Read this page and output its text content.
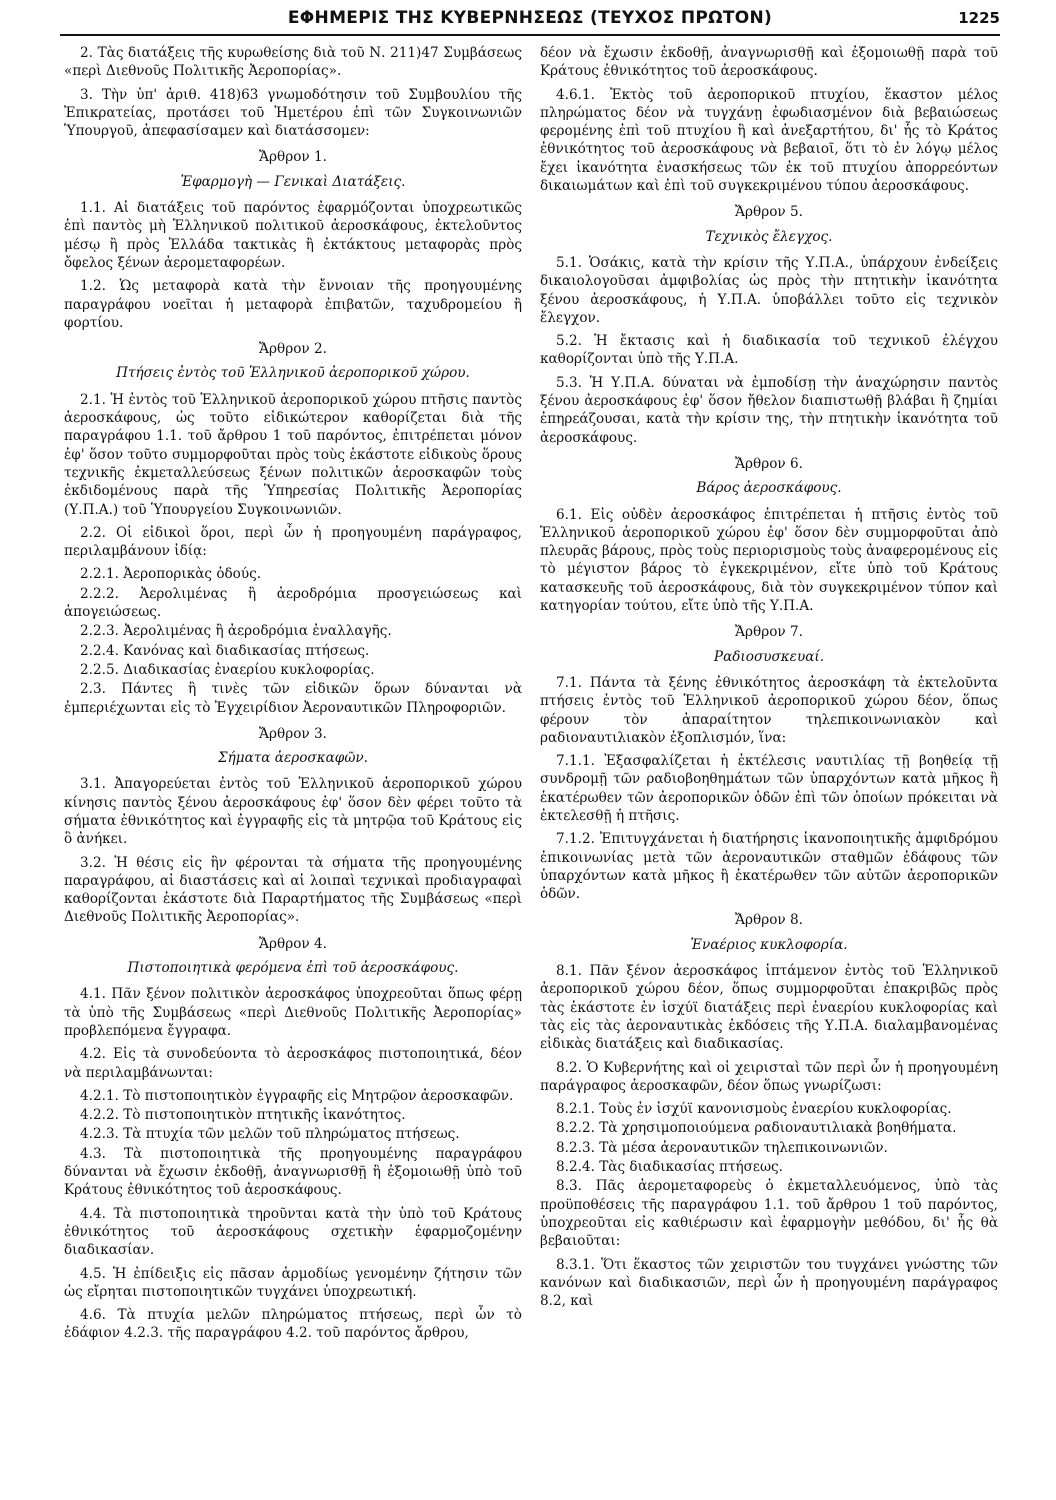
ΕΦΗΜΕΡΙΣ ΤΗΣ ΚΥΒΕΡΝΗΣΕΩΣ (ΤΕΥΧΟΣ ΠΡΩΤΟΝ)	1225

2. Τὰς διατάξεις τῆς κυρωθείσης διὰ τοῦ Ν. 211)47 Συμβάσεως «περὶ Διεθνοῦς Πολιτικῆς Ἀεροπορίας».

3. Τὴν ὑπ' ἀριθ. 418)63 γνωμοδότησιν τοῦ Συμβουλίου τῆς Ἐπικρατείας, προτάσει τοῦ Ἡμετέρου ἐπὶ τῶν Συγκοινωνιῶν Ὑπουργοῦ, ἀπεφασίσαμεν καὶ διατάσσομεν:

Ἄρθρον 1.
Ἐφαρμογὴ — Γενικαὶ Διατάξεις.

1.1. Αἱ διατάξεις τοῦ παρόντος ἐφαρμόζονται ὑποχρεωτικῶς ἐπὶ παντὸς μὴ Ἑλληνικοῦ πολιτικοῦ ἀεροσκάφους, ἐκτελοῦντος μέσῳ ἢ πρὸς Ἑλλάδα τακτικὰς ἢ ἐκτάκτους μεταφορὰς πρὸς ὄφελος ξένων ἀερομεταφορέων.

1.2. Ὡς μεταφορὰ κατὰ τὴν ἔννοιαν τῆς προηγουμένης παραγράφου νοεῖται ἡ μεταφορὰ ἐπιβατῶν, ταχυδρομείου ἢ φορτίου.

Ἄρθρον 2.
Πτήσεις ἐντὸς τοῦ Ἑλληνικοῦ ἀεροπορικοῦ χώρου.

2.1. Ἡ ἐντὸς τοῦ Ἑλληνικοῦ ἀεροπορικοῦ χώρου πτῆσις παντὸς ἀεροσκάφους, ὡς τοῦτο εἰδικώτερον καθορίζεται διὰ τῆς παραγράφου 1.1. τοῦ ἄρθρου 1 τοῦ παρόντος, ἐπιτρέπεται μόνον ἐφ' ὅσον τοῦτο συμμορφοῦται πρὸς τοὺς ἑκάστοτε εἰδικοὺς ὅρους τεχνικῆς ἐκμεταλλεύσεως ξένων πολιτικῶν ἀεροσκαφῶν τοὺς ἐκδιδομένους παρὰ τῆς Ὑπηρεσίας Πολιτικῆς Ἀεροπορίας (Υ.Π.Α.) τοῦ Ὑπουργείου Συγκοινωνιῶν.

2.2. Οἱ εἰδικοὶ ὅροι, περὶ ὧν ἡ προηγουμένη παράγραφος, περιλαμβάνουν ἰδίᾳ:

2.2.1. Ἀεροπορικὰς ὁδούς.

2.2.2. Ἀερολιμένας ἢ ἀεροδρόμια προσγειώσεως καὶ ἀπογειώσεως.

2.2.3. Ἀερολιμένας ἢ ἀεροδρόμια ἐναλλαγῆς.

2.2.4. Κανόνας καὶ διαδικασίας πτήσεως.

2.2.5. Διαδικασίας ἐναερίου κυκλοφορίας.

2.3. Πάντες ἢ τινὲς τῶν εἰδικῶν ὅρων δύνανται νὰ ἐμπεριέχωνται εἰς τὸ Ἐγχειρίδιον Ἀεροναυτικῶν Πληροφοριῶν.

Ἄρθρον 3.
Σήματα ἀεροσκαφῶν.

3.1. Ἀπαγορεύεται ἐντὸς τοῦ Ἑλληνικοῦ ἀεροπορικοῦ χώρου κίνησις παντὸς ξένου ἀεροσκάφους ἐφ' ὅσον δὲν φέρει τοῦτο τὰ σήματα ἐθνικότητος καὶ ἐγγραφῆς εἰς τὰ μητρῷα τοῦ Κράτους εἰς ὃ ἀνήκει.

3.2. Ἡ θέσις εἰς ἣν φέρονται τὰ σήματα τῆς προηγουμένης παραγράφου, αἱ διαστάσεις καὶ αἱ λοιπαὶ τεχνικαὶ προδιαγραφαὶ καθορίζονται ἑκάστοτε διὰ Παραρτήματος τῆς Συμβάσεως «περὶ Διεθνοῦς Πολιτικῆς Ἀεροπορίας».

Ἄρθρον 4.
Πιστοποιητικὰ φερόμενα ἐπὶ τοῦ ἀεροσκάφους.

4.1. Πᾶν ξένον πολιτικὸν ἀεροσκάφος ὑποχρεοῦται ὅπως φέρῃ τὰ ὑπὸ τῆς Συμβάσεως «περὶ Διεθνοῦς Πολιτικῆς Ἀεροπορίας» προβλεπόμενα ἔγγραφα.

4.2. Εἰς τὰ συνοδεύοντα τὸ ἀεροσκάφος πιστοποιητικά, δέον νὰ περιλαμβάνωνται:

4.2.1. Τὸ πιστοποιητικὸν ἐγγραφῆς εἰς Μητρῷον ἀεροσκαφῶν.

4.2.2. Τὸ πιστοποιητικὸν πτητικῆς ἱκανότητος.

4.2.3. Τὰ πτυχία τῶν μελῶν τοῦ πληρώματος πτήσεως.

4.3. Τὰ πιστοποιητικὰ τῆς προηγουμένης παραγράφου δύνανται νὰ ἔχωσιν ἐκδοθῇ, ἀναγνωρισθῇ ἢ ἐξομοιωθῇ ὑπὸ τοῦ Κράτους ἐθνικότητος τοῦ ἀεροσκάφους.

4.4. Τὰ πιστοποιητικὰ τηροῦνται κατὰ τὴν ὑπὸ τοῦ Κράτους ἐθνικότητος τοῦ ἀεροσκάφους σχετικὴν ἐφαρμοζομένην διαδικασίαν.

4.5. Ἡ ἐπίδειξις εἰς πᾶσαν ἁρμοδίως γενομένην ζήτησιν τῶν ὡς εἴρηται πιστοποιητικῶν τυγχάνει ὑποχρεωτική.

4.6. Τὰ πτυχία μελῶν πληρώματος πτήσεως, περὶ ὧν τὸ ἐδάφιον 4.2.3. τῆς παραγράφου 4.2. τοῦ παρόντος ἄρθρου,

δέον νὰ ἔχωσιν ἐκδοθῇ, ἀναγνωρισθῇ καὶ ἐξομοιωθῇ παρὰ τοῦ Κράτους ἐθνικότητος τοῦ ἀεροσκάφους.

4.6.1. Ἐκτὸς τοῦ ἀεροπορικοῦ πτυχίου, ἕκαστον μέλος πληρώματος δέον νὰ τυγχάνῃ ἐφωδιασμένον διὰ βεβαιώσεως φερομένης ἐπὶ τοῦ πτυχίου ἢ καὶ ἀνεξαρτήτου, δι' ἧς τὸ Κράτος ἐθνικότητος τοῦ ἀεροσκάφους νὰ βεβαιοῖ, ὅτι τὸ ἐν λόγῳ μέλος ἔχει ἱκανότητα ἐνασκήσεως τῶν ἐκ τοῦ πτυχίου ἀπορρεόντων δικαιωμάτων καὶ ἐπὶ τοῦ συγκεκριμένου τύπου ἀεροσκάφους.

Ἄρθρον 5.
Τεχνικὸς ἔλεγχος.

5.1. Ὁσάκις, κατὰ τὴν κρίσιν τῆς Υ.Π.Α., ὑπάρχουν ἐνδείξεις δικαιολογοῦσαι ἀμφιβολίας ὡς πρὸς τὴν πτητικὴν ἱκανότητα ξένου ἀεροσκάφους, ἡ Υ.Π.Α. ὑποβάλλει τοῦτο εἰς τεχνικὸν ἔλεγχον.

5.2. Ἡ ἔκτασις καὶ ἡ διαδικασία τοῦ τεχνικοῦ ἐλέγχου καθορίζονται ὑπὸ τῆς Υ.Π.Α.

5.3. Ἡ Υ.Π.Α. δύναται νὰ ἐμποδίσῃ τὴν ἀναχώρησιν παντὸς ξένου ἀεροσκάφους ἐφ' ὅσον ἤθελον διαπιστωθῇ βλάβαι ἢ ζημίαι ἐπηρεάζουσαι, κατὰ τὴν κρίσιν της, τὴν πτητικὴν ἱκανότητα τοῦ ἀεροσκάφους.

Ἄρθρον 6.
Βάρος ἀεροσκάφους.

6.1. Εἰς οὐδὲν ἀεροσκάφος ἐπιτρέπεται ἡ πτῆσις ἐντὸς τοῦ Ἑλληνικοῦ ἀεροπορικοῦ χώρου ἐφ' ὅσον δὲν συμμορφοῦται ἀπὸ πλευρᾶς βάρους, πρὸς τοὺς περιορισμοὺς τοὺς ἀναφερομένους εἰς τὸ μέγιστον βάρος τὸ ἐγκεκριμένον, εἴτε ὑπὸ τοῦ Κράτους κατασκευῆς τοῦ ἀεροσκάφους, διὰ τὸν συγκεκριμένον τύπον καὶ κατηγορίαν τούτου, εἴτε ὑπὸ τῆς Υ.Π.Α.

Ἄρθρον 7.
Ραδιοσυσκευαί.

7.1. Πάντα τὰ ξένης ἐθνικότητος ἀεροσκάφη τὰ ἐκτελοῦντα πτήσεις ἐντὸς τοῦ Ἑλληνικοῦ ἀεροπορικοῦ χώρου δέον, ὅπως φέρουν τὸν ἀπαραίτητον τηλεπικοινωνιακὸν καὶ ραδιοναυτιλιακὸν ἐξοπλισμόν, ἵνα:

7.1.1. Ἐξασφαλίζεται ἡ ἐκτέλεσις ναυτιλίας τῇ βοηθείᾳ τῇ συνδρομῇ τῶν ραδιοβοηθημάτων τῶν ὑπαρχόντων κατὰ μῆκος ἢ ἑκατέρωθεν τῶν ἀεροπορικῶν ὁδῶν ἐπὶ τῶν ὁποίων πρόκειται νὰ ἐκτελεσθῇ ἡ πτῆσις.

7.1.2. Ἐπιτυγχάνεται ἡ διατήρησις ἱκανοποιητικῆς ἀμφιδρόμου ἐπικοινωνίας μετὰ τῶν ἀεροναυτικῶν σταθμῶν ἐδάφους τῶν ὑπαρχόντων κατὰ μῆκος ἢ ἑκατέρωθεν τῶν αὐτῶν ἀεροπορικῶν ὁδῶν.

Ἄρθρον 8.
Ἐναέριος κυκλοφορία.

8.1. Πᾶν ξένον ἀεροσκάφος ἱπτάμενον ἐντὸς τοῦ Ἑλληνικοῦ ἀεροπορικοῦ χώρου δέον, ὅπως συμμορφοῦται ἐπακριβῶς πρὸς τὰς ἑκάστοτε ἐν ἰσχύϊ διατάξεις περὶ ἐναερίου κυκλοφορίας καὶ τὰς εἰς τὰς ἀεροναυτικὰς ἐκδόσεις τῆς Υ.Π.Α. διαλαμβανομένας εἰδικὰς διατάξεις καὶ διαδικασίας.

8.2. Ὁ Κυβερνήτης καὶ οἱ χειρισταὶ τῶν περὶ ὧν ἡ προηγουμένη παράγραφος ἀεροσκαφῶν, δέον ὅπως γνωρίζωσι:

8.2.1. Τοὺς ἐν ἰσχύϊ κανονισμοὺς ἐναερίου κυκλοφορίας.

8.2.2. Τὰ χρησιμοποιούμενα ραδιοναυτιλιακὰ βοηθήματα.

8.2.3. Τὰ μέσα ἀεροναυτικῶν τηλεπικοινωνιῶν.

8.2.4. Τὰς διαδικασίας πτήσεως.

8.3. Πᾶς ἀερομεταφορεὺς ὁ ἐκμεταλλευόμενος, ὑπὸ τὰς προϋποθέσεις τῆς παραγράφου 1.1. τοῦ ἄρθρου 1 τοῦ παρόντος, ὑποχρεοῦται εἰς καθιέρωσιν καὶ ἐφαρμογὴν μεθόδου, δι' ἧς θὰ βεβαιοῦται:

8.3.1. Ὅτι ἕκαστος τῶν χειριστῶν του τυγχάνει γνώστης τῶν κανόνων καὶ διαδικασιῶν, περὶ ὧν ἡ προηγουμένη παράγραφος 8.2, καὶ
